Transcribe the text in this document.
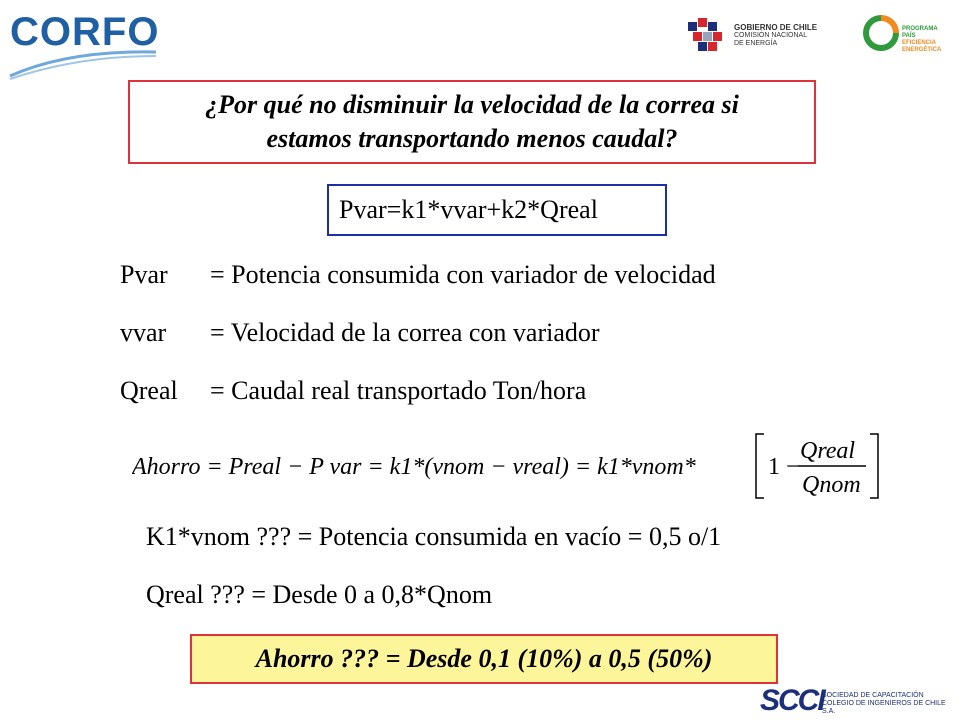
CORFO	GOBIERNO DE CHILE
COMISIÓN NACIONAL
DE ENERGÍA
PROGRAMA PAÍS
EFICIENCIA
ENERGÉTICA
¿Por qué no disminuir la velocidad de la correa si
estamos transportando menos caudal?
Pvar=k1*vvar+k2*Qreal
Pvar = Potencia consumida con variador de velocidad
vvar = Velocidad de la correa con variador
Qreal = Caudal real transportado Ton/hora
Ahorro = Preal − P var = k1*(vnom − vreal) = k1*vnom*	1 −
Qreal
Qnom
K1*vnom ??? = Potencia consumida en vacío = 0,5 o/1
Qreal ??? = Desde 0 a 0,8*Qnom
Ahorro ??? = Desde 0,1 (10%) a 0,5 (50%)
SCCI
SOCIEDAD DE CAPACITACIÓN
COLEGIO DE INGENIEROS DE CHILE S.A.
